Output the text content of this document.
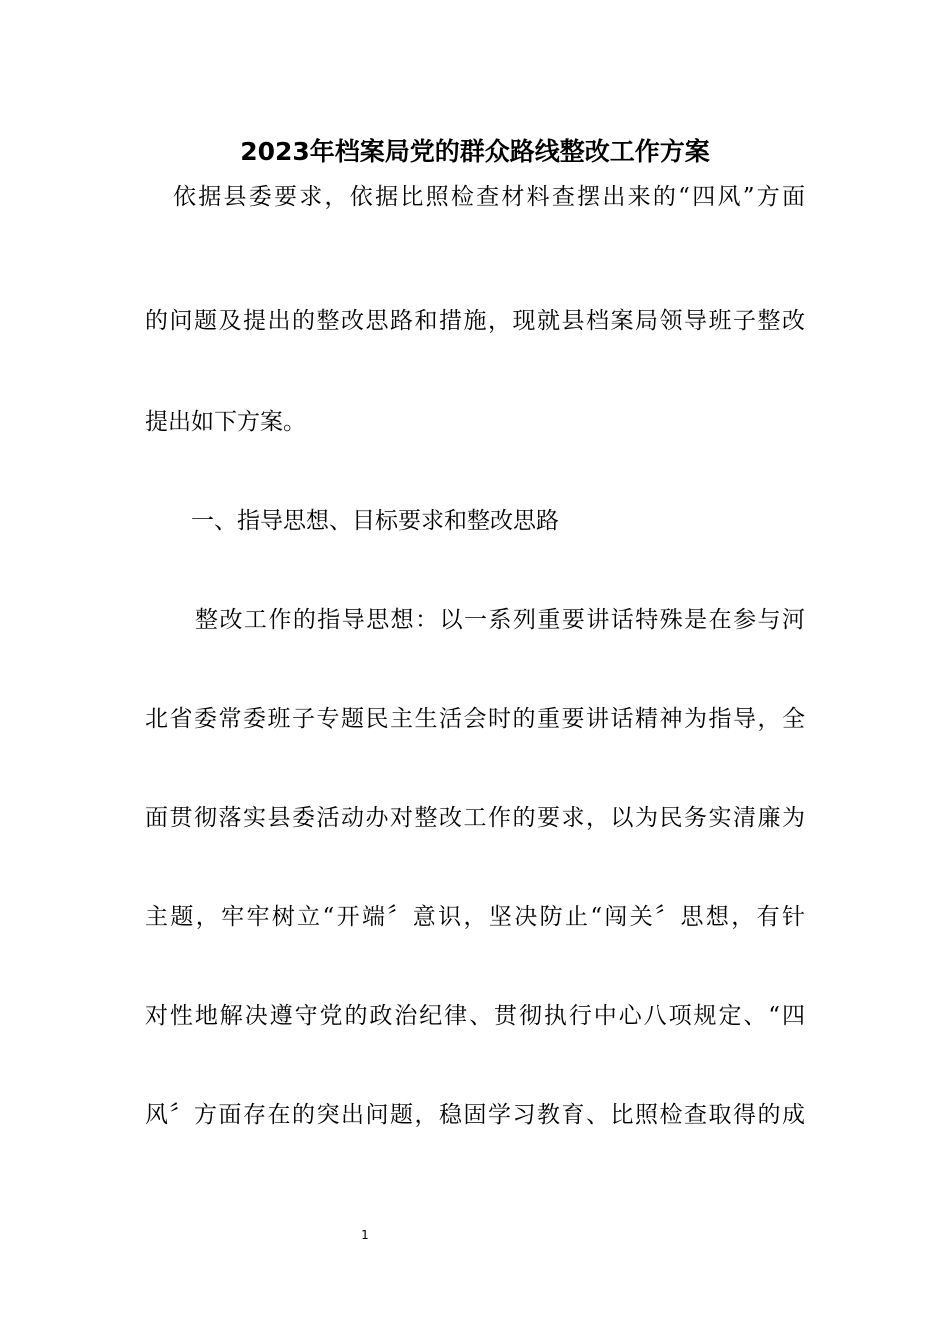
2023年档案局党的群众路线整改工作方案
依据县委要求，依据比照检查材料查摆出来的“四风”方面
的问题及提出的整改思路和措施，现就县档案局领导班子整改
提出如下方案。
一、指导思想、目标要求和整改思路
整改工作的指导思想：以一系列重要讲话特殊是在参与河
北省委常委班子专题民主生活会时的重要讲话精神为指导，全
面贯彻落实县委活动办对整改工作的要求，以为民务实清廉为
主题，牢牢树立“开端〞意识，坚决防止“闯关〞思想，有针
对性地解决遵守党的政治纪律、贯彻执行中心八项规定、“四
风〞方面存在的突出问题，稳固学习教育、比照检查取得的成
1
